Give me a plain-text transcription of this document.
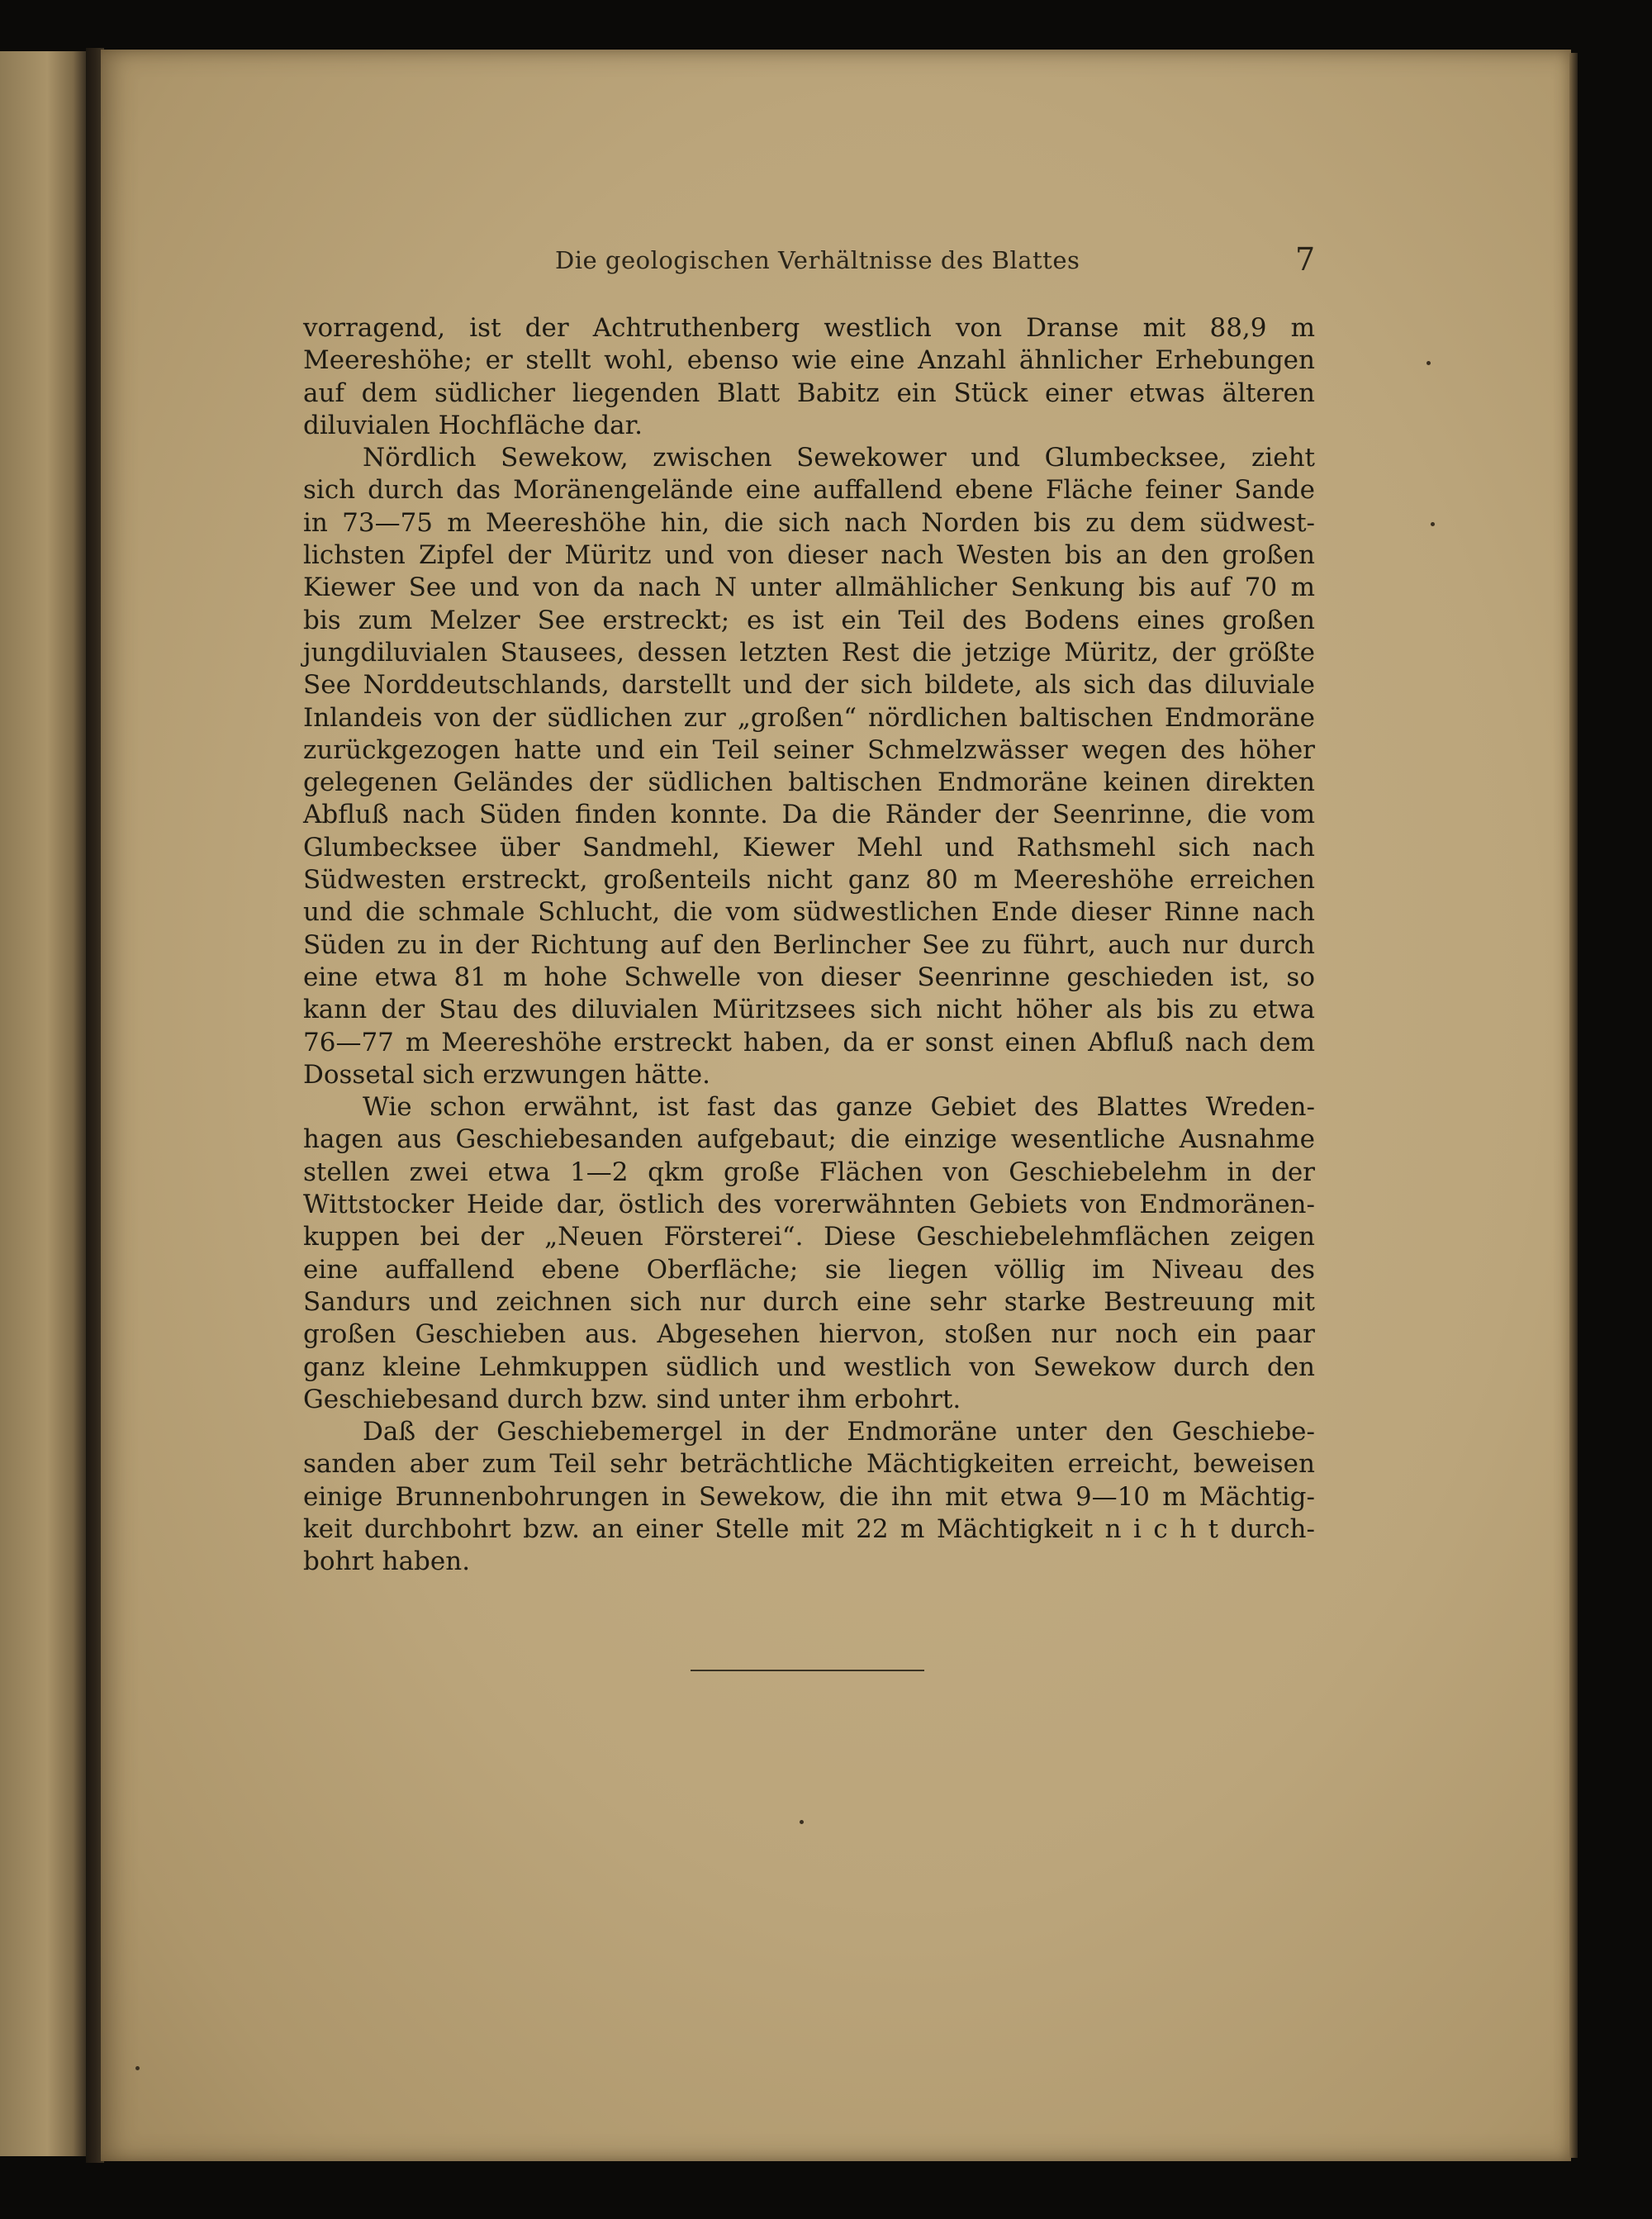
Die geologischen Verhältnisse des Blattes	7
vorragend, ist der Achtruthenberg westlich von Dranse mit 88,9 m
Meereshöhe; er stellt wohl, ebenso wie eine Anzahl ähnlicher Erhebungen
auf dem südlicher liegenden Blatt Babitz ein Stück einer etwas älteren
diluvialen Hochfläche dar.
Nördlich Sewekow, zwischen Sewekower und Glumbecksee, zieht
sich durch das Moränengelände eine auffallend ebene Fläche feiner Sande
in 73—75 m Meereshöhe hin, die sich nach Norden bis zu dem südwest-
lichsten Zipfel der Müritz und von dieser nach Westen bis an den großen
Kiewer See und von da nach N unter allmählicher Senkung bis auf 70 m
bis zum Melzer See erstreckt; es ist ein Teil des Bodens eines großen
jungdiluvialen Stausees, dessen letzten Rest die jetzige Müritz, der größte
See Norddeutschlands, darstellt und der sich bildete, als sich das diluviale
Inlandeis von der südlichen zur „großen“ nördlichen baltischen Endmoräne
zurückgezogen hatte und ein Teil seiner Schmelzwässer wegen des höher
gelegenen Geländes der südlichen baltischen Endmoräne keinen direkten
Abfluß nach Süden finden konnte. Da die Ränder der Seenrinne, die vom
Glumbecksee über Sandmehl, Kiewer Mehl und Rathsmehl sich nach
Südwesten erstreckt, großenteils nicht ganz 80 m Meereshöhe erreichen
und die schmale Schlucht, die vom südwestlichen Ende dieser Rinne nach
Süden zu in der Richtung auf den Berlincher See zu führt, auch nur durch
eine etwa 81 m hohe Schwelle von dieser Seenrinne geschieden ist, so
kann der Stau des diluvialen Müritzsees sich nicht höher als bis zu etwa
76—77 m Meereshöhe erstreckt haben, da er sonst einen Abfluß nach dem
Dossetal sich erzwungen hätte.
Wie schon erwähnt, ist fast das ganze Gebiet des Blattes Wreden-
hagen aus Geschiebesanden aufgebaut; die einzige wesentliche Ausnahme
stellen zwei etwa 1—2 qkm große Flächen von Geschiebelehm in der
Wittstocker Heide dar, östlich des vorerwähnten Gebiets von Endmoränen-
kuppen bei der „Neuen Försterei“. Diese Geschiebelehmflächen zeigen
eine auffallend ebene Oberfläche; sie liegen völlig im Niveau des
Sandurs und zeichnen sich nur durch eine sehr starke Bestreuung mit
großen Geschieben aus. Abgesehen hiervon, stoßen nur noch ein paar
ganz kleine Lehmkuppen südlich und westlich von Sewekow durch den
Geschiebesand durch bzw. sind unter ihm erbohrt.
Daß der Geschiebemergel in der Endmoräne unter den Geschiebe-
sanden aber zum Teil sehr beträchtliche Mächtigkeiten erreicht, beweisen
einige Brunnenbohrungen in Sewekow, die ihn mit etwa 9—10 m Mächtig-
keit durchbohrt bzw. an einer Stelle mit 22 m Mächtigkeit n i c h t durch-
bohrt haben.
